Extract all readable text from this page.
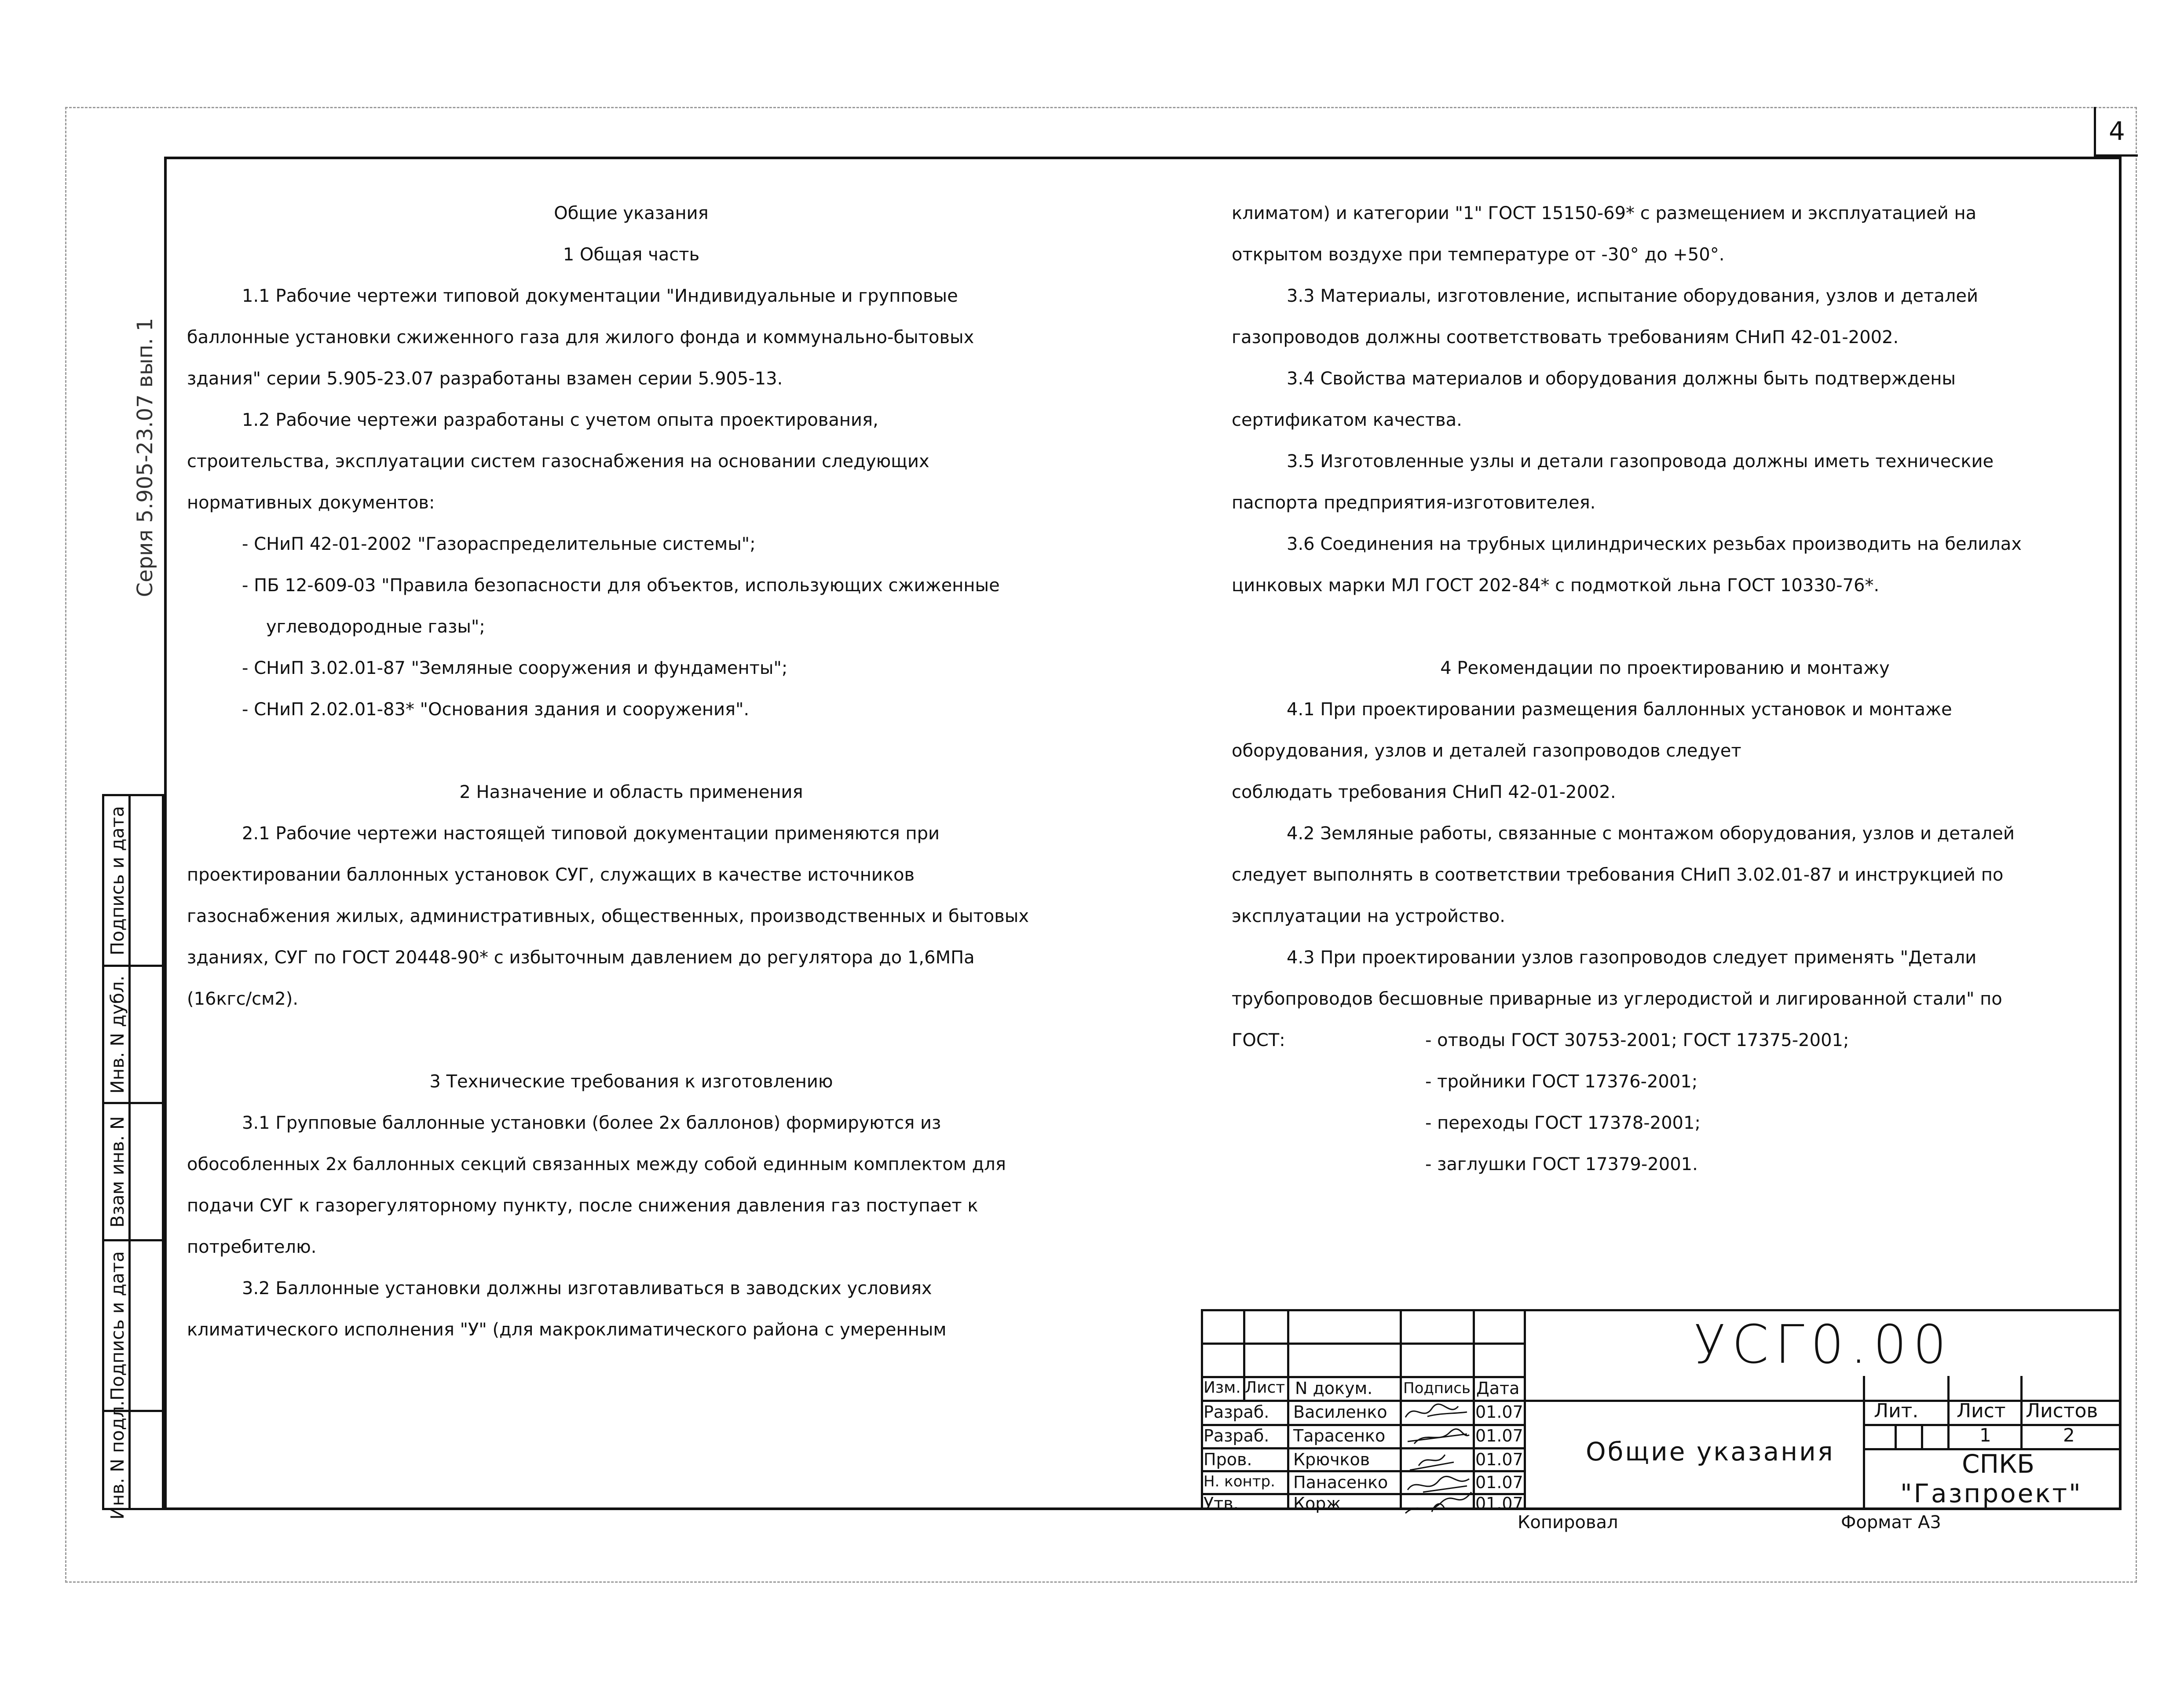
4
Серия 5.905-23.07 вып. 1
Подпись и дата
Инв. N дубл.
Взам инв. N
Подпись и дата
Инв. N подл.

Общие указания

1 Общая часть

1.1 Рабочие чертежи типовой документации "Индивидуальные и групповые

баллонные установки сжиженного газа для жилого фонда и коммунально-бытовых

здания" серии 5.905-23.07 разработаны взамен серии 5.905-13.

1.2 Рабочие чертежи разработаны с учетом опыта проектирования,

строительства, эксплуатации систем газоснабжения на основании следующих

нормативных документов:

- СНиП 42-01-2002 "Газораспределительные системы";

- ПБ 12-609-03 "Правила безопасности для объектов, использующих сжиженные

углеводородные газы";

- СНиП 3.02.01-87 "Земляные сооружения и фундаменты";

- СНиП 2.02.01-83* "Основания здания и сооружения".

2 Назначение и область применения

2.1 Рабочие чертежи настоящей типовой документации применяются при

проектировании баллонных установок СУГ, служащих в качестве источников

газоснабжения жилых, административных, общественных, производственных и бытовых

зданиях, СУГ по ГОСТ 20448-90* с избыточным давлением до регулятора до 1,6МПа

(16кгс/см2).

3 Технические требования к изготовлению

3.1 Групповые баллонные установки (более 2х баллонов) формируются из

обособленных 2х баллонных секций связанных между собой единным комплектом для

подачи СУГ к газорегуляторному пункту, после снижения давления газ поступает к

потребителю.

3.2 Баллонные установки должны изготавливаться в заводских условиях

климатического исполнения "У" (для макроклиматического района с умеренным

климатом) и категории "1" ГОСТ 15150-69* с размещением и эксплуатацией на

открытом воздухе при температуре от -30° до +50°.

3.3 Материалы, изготовление, испытание оборудования, узлов и деталей

газопроводов должны соответствовать требованиям СНиП 42-01-2002.

3.4 Свойства материалов и оборудования должны быть подтверждены

сертификатом качества.

3.5 Изготовленные узлы и детали газопровода должны иметь технические

паспорта предприятия-изготовителея.

3.6 Соединения на трубных цилиндрических резьбах производить на белилах

цинковых марки МЛ ГОСТ 202-84* с подмоткой льна ГОСТ 10330-76*.

4 Рекомендации по проектированию и монтажу

4.1 При проектировании размещения баллонных установок и монтаже

оборудования, узлов и деталей газопроводов следует

соблюдать требования СНиП 42-01-2002.

4.2 Земляные работы, связанные с монтажом оборудования, узлов и деталей

следует выполнять в соответствии требования СНиП 3.02.01-87 и инструкцией по

эксплуатации на устройство.

4.3 При проектировании узлов газопроводов следует применять "Детали

трубопроводов бесшовные приварные из углеродистой и лигированной стали" по

ГОСТ:	- отводы ГОСТ 30753-2001; ГОСТ 17375-2001;
- тройники ГОСТ 17376-2001;
- переходы ГОСТ 17378-2001;
- заглушки ГОСТ 17379-2001.
Изм. Лист N докум. Подпись Дата
Разраб. Василенко	01.07
Разраб. Тарасенко	01.07
Пров. Крючков	01.07
Н. контр. Панасенко	01.07
Утв.	Корж	01.07
УСГ0.00
Общие указания
Лит. Лист Листов
1	2
СПКБ
"Газпроект"
Копировал	Формат А3
